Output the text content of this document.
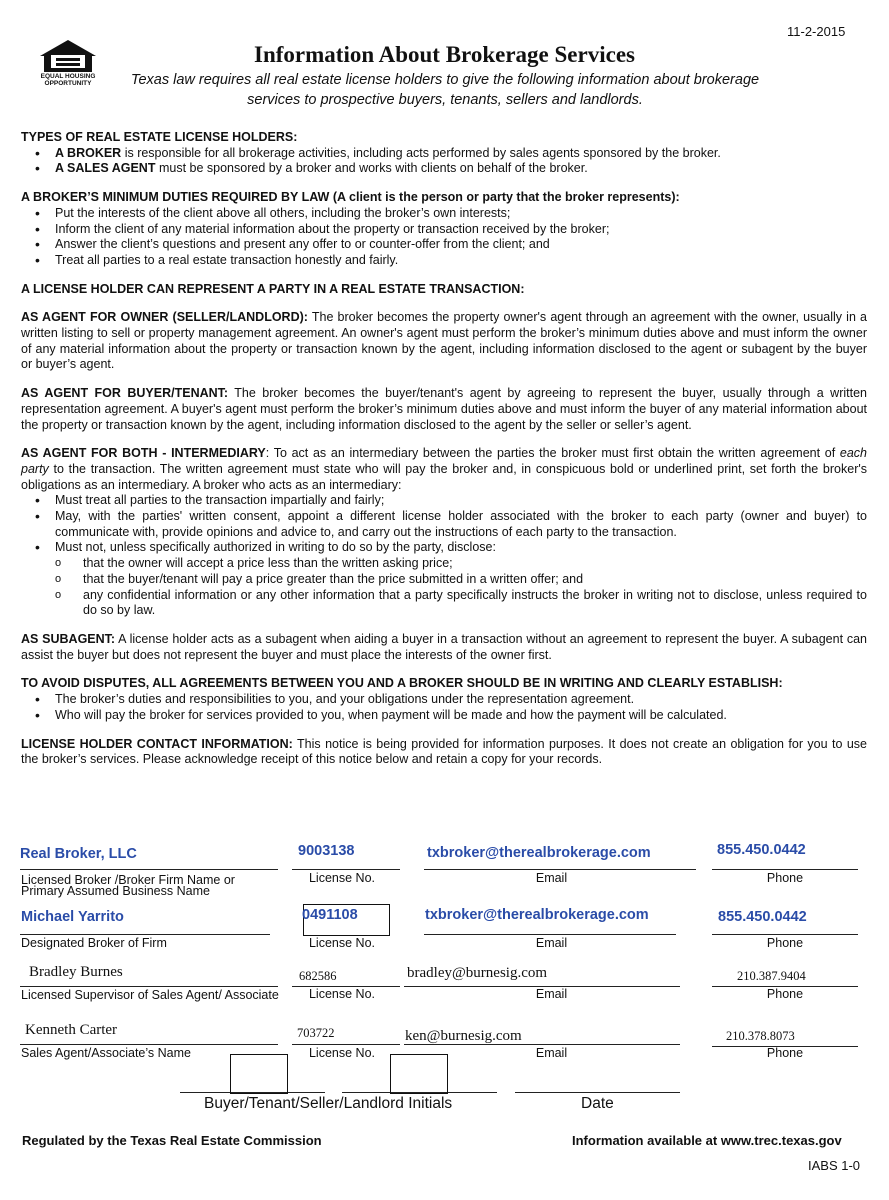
11-2-2015
EQUAL HOUSING OPPORTUNITY
Information About Brokerage Services
Texas law requires all real estate license holders to give the following information about brokerage services to prospective buyers, tenants, sellers and landlords.

TYPES OF REAL ESTATE LICENSE HOLDERS:

• A BROKER is responsible for all brokerage activities, including acts performed by sales agents sponsored by the broker.
• A SALES AGENT must be sponsored by a broker and works with clients on behalf of the broker.

A BROKER’S MINIMUM DUTIES REQUIRED BY LAW (A client is the person or party that the broker represents):

• Put the interests of the client above all others, including the broker’s own interests;
• Inform the client of any material information about the property or transaction received by the broker;
• Answer the client’s questions and present any offer to or counter-offer from the client; and
• Treat all parties to a real estate transaction honestly and fairly.

A LICENSE HOLDER CAN REPRESENT A PARTY IN A REAL ESTATE TRANSACTION:

AS AGENT FOR OWNER (SELLER/LANDLORD): The broker becomes the property owner's agent through an agreement with the owner, usually in a written listing to sell or property management agreement. An owner's agent must perform the broker’s minimum duties above and must inform the owner of any material information about the property or transaction known by the agent, including information disclosed to the agent or subagent by the buyer or buyer’s agent.

AS AGENT FOR BUYER/TENANT: The broker becomes the buyer/tenant's agent by agreeing to represent the buyer, usually through a written representation agreement. A buyer's agent must perform the broker’s minimum duties above and must inform the buyer of any material information about the property or transaction known by the agent, including information disclosed to the agent by the seller or seller’s agent.

AS AGENT FOR BOTH - INTERMEDIARY: To act as an intermediary between the parties the broker must first obtain the written agreement of each party to the transaction. The written agreement must state who will pay the broker and, in conspicuous bold or underlined print, set forth the broker's obligations as an intermediary. A broker who acts as an intermediary:

• Must treat all parties to the transaction impartially and fairly;
• May, with the parties' written consent, appoint a different license holder associated with the broker to each party (owner and buyer) to communicate with, provide opinions and advice to, and carry out the instructions of each party to the transaction.
• Must not, unless specifically authorized in writing to do so by the party, disclose:
o that the owner will accept a price less than the written asking price;
o that the buyer/tenant will pay a price greater than the price submitted in a written offer; and
o any confidential information or any other information that a party specifically instructs the broker in writing not to disclose, unless required to do so by law.

AS SUBAGENT: A license holder acts as a subagent when aiding a buyer in a transaction without an agreement to represent the buyer. A subagent can assist the buyer but does not represent the buyer and must place the interests of the owner first.

TO AVOID DISPUTES, ALL AGREEMENTS BETWEEN YOU AND A BROKER SHOULD BE IN WRITING AND CLEARLY ESTABLISH:

• The broker’s duties and responsibilities to you, and your obligations under the representation agreement.
• Who will pay the broker for services provided to you, when payment will be made and how the payment will be calculated.

LICENSE HOLDER CONTACT INFORMATION: This notice is being provided for information purposes. It does not create an obligation for you to use the broker’s services. Please acknowledge receipt of this notice below and retain a copy for your records.

Real Broker, LLC	9003138	txbroker@therealbrokerage.com	855.450.0442
Licensed Broker /Broker Firm Name or Primary Assumed Business Name
License No.	Email	Phone
Michael Yarrito	0491108	txbroker@therealbrokerage.com	855.450.0442
Designated Broker of Firm	License No.	Email	Phone
Bradley Burnes	682586	bradley@burnesig.com	210.387.9404
Licensed Supervisor of Sales Agent/ Associate	License No.	Email	Phone
Kenneth Carter	703722	ken@burnesig.com	210.378.8073
Sales Agent/Associate’s Name	License No.	Email	Phone
Buyer/Tenant/Seller/Landlord Initials	Date
Regulated by the Texas Real Estate Commission	Information available at www.trec.texas.gov
IABS 1-0
